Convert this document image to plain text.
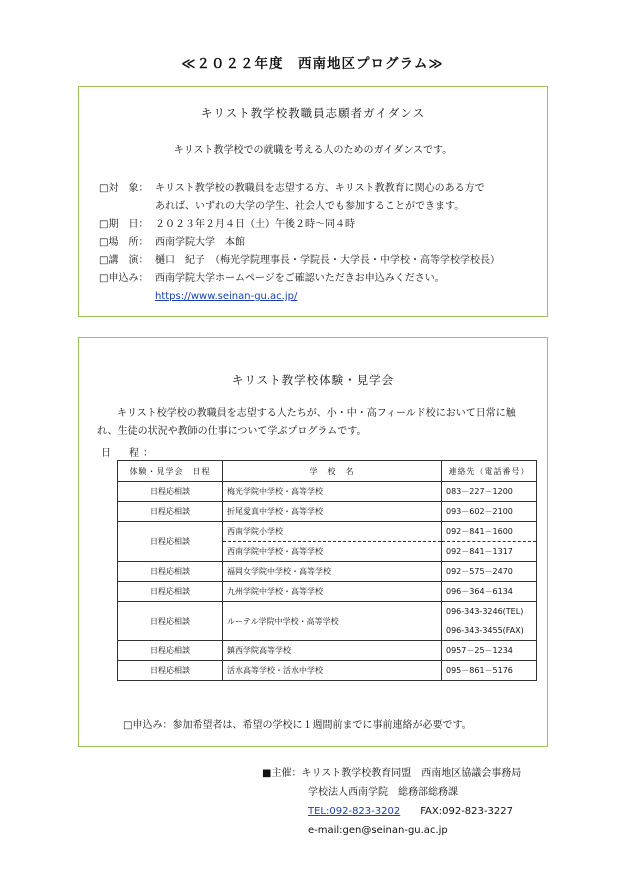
≪２０２２年度　西南地区プログラム≫
キリスト教学校教職員志願者ガイダンス
キリスト教学校での就職を考える人のためのガイダンスです。
□対　象： キリスト教学校の教職員を志望する方、キリスト教教育に関心のある方で
あれば、いずれの大学の学生、社会人でも参加することができます。
□期　日： ２０２３年２月４日（土）午後２時～同４時
□場　所： 西南学院大学　本館
□講　演： 樋口　紀子　（梅光学院理事長・学院長・大学長・中学校・高等学校学校長）
□申込み： 西南学院大学ホームページをご確認いただきお申込みください。
https://www.seinan-gu.ac.jp/
キリスト教学校体験・見学会
キリスト校学校の教職員を志望する人たちが、小・中・高フィールド校において日常に触れ、生徒の状況や教師の仕事について学ぶプログラムです。
日　程：
体験・見学会　日程	学　校　名	連絡先（電話番号）
日程応相談	梅光学院中学校・高等学校	083－227－1200
日程応相談	折尾愛真中学校・高等学校	093－602－2100
日程応相談	西南学院小学校	092－841－1600
	西南学院中学校・高等学校	092－841－1317
日程応相談	福岡女学院中学校・高等学校	092－575－2470
日程応相談	九州学院中学校・高等学校	096－364－6134
日程応相談	ルーテル学院中学校・高等学校	096-343-3246(TEL)
096-343-3455(FAX)

日程応相談	鎮西学院高等学校	0957－25－1234
日程応相談	活水高等学校・活水中学校	095－861－5176
□申込み：参加希望者は、希望の学校に１週間前までに事前連絡が必要です。
■主催：キリスト教学校教育同盟　西南地区協議会事務局
学校法人西南学院　総務部総務課
TEL:092-823-3202 FAX:092-823-3227
e-mail:gen@seinan-gu.ac.jp
